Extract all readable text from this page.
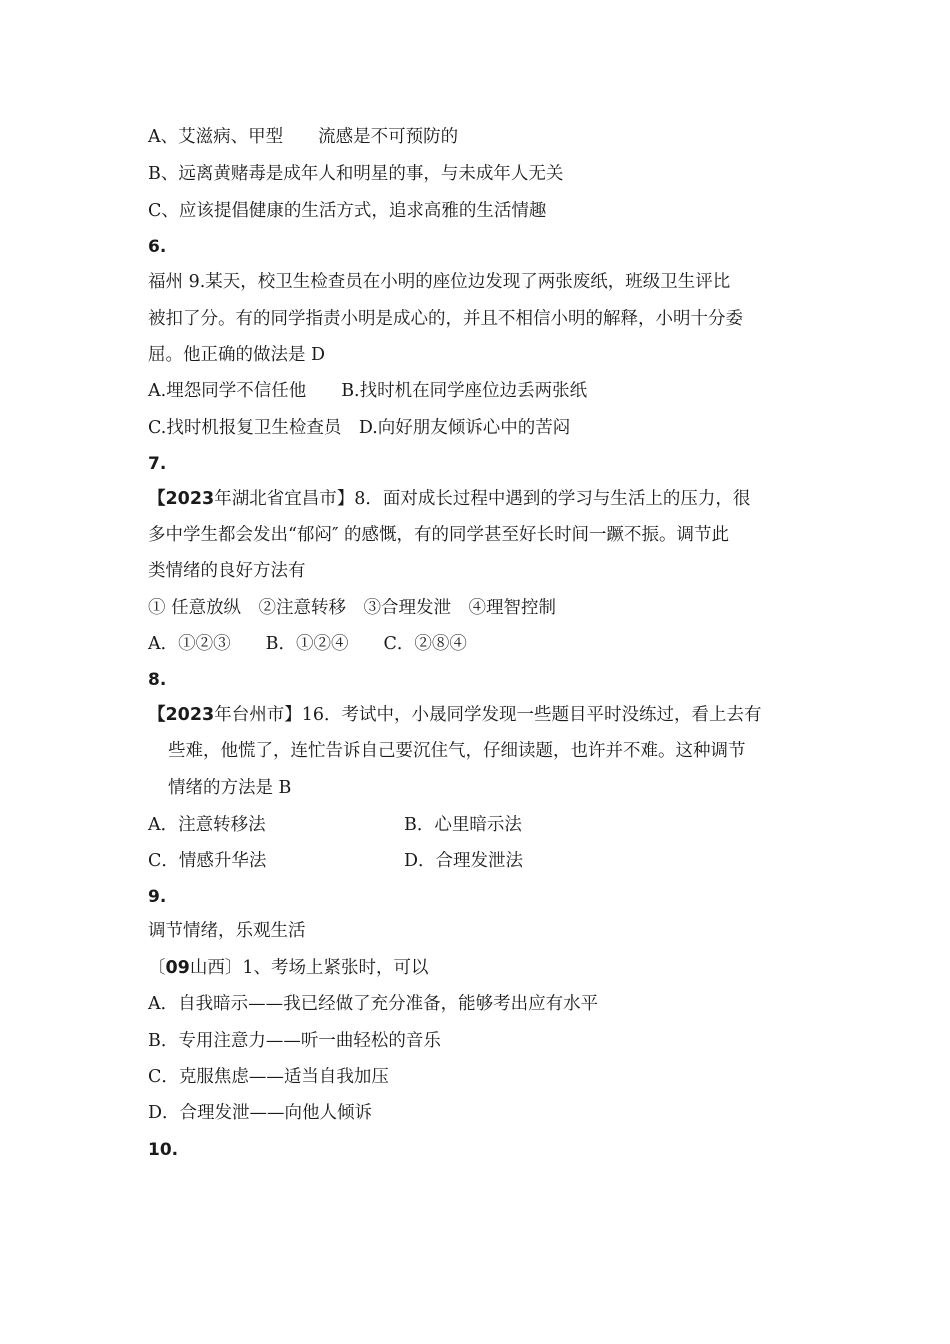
A、艾滋病、甲型　　流感是不可预防的
B、远离黄赌毒是成年人和明星的事，与未成年人无关
C、应该提倡健康的生活方式，追求高雅的生活情趣
6.
福州 9.某天，校卫生检查员在小明的座位边发现了两张废纸，班级卫生评比
被扣了分。有的同学指责小明是成心的，并且不相信小明的解释，小明十分委
屈。他正确的做法是 D
A.埋怨同学不信任他　　B.找时机在同学座位边丢两张纸
C.找时机报复卫生检查员　D.向好朋友倾诉心中的苦闷
7.
【2023年湖北省宜昌市】8．面对成长过程中遇到的学习与生活上的压力，很
多中学生都会发出“郁闷″ 的感慨，有的同学甚至好长时间一蹶不振。调节此
类情绪的良好方法有
① 任意放纵　②注意转移　③合理发泄　④理智控制
A．①②③　　B．①②④　　C．②⑧④
8.
【2023年台州市】16．考试中，小晟同学发现一些题目平时没练过，看上去有
些难，他慌了，连忙告诉自己要沉住气，仔细读题，也许并不难。这种调节
情绪的方法是 B
A．注意转移法	B．心里暗示法
C．情感升华法	D．合理发泄法
9.
调节情绪，乐观生活
〔09山西〕1、考场上紧张时，可以
A．自我暗示——我已经做了充分准备，能够考出应有水平
B．专用注意力——听一曲轻松的音乐
C．克服焦虑——适当自我加压
D．合理发泄——向他人倾诉
10.
